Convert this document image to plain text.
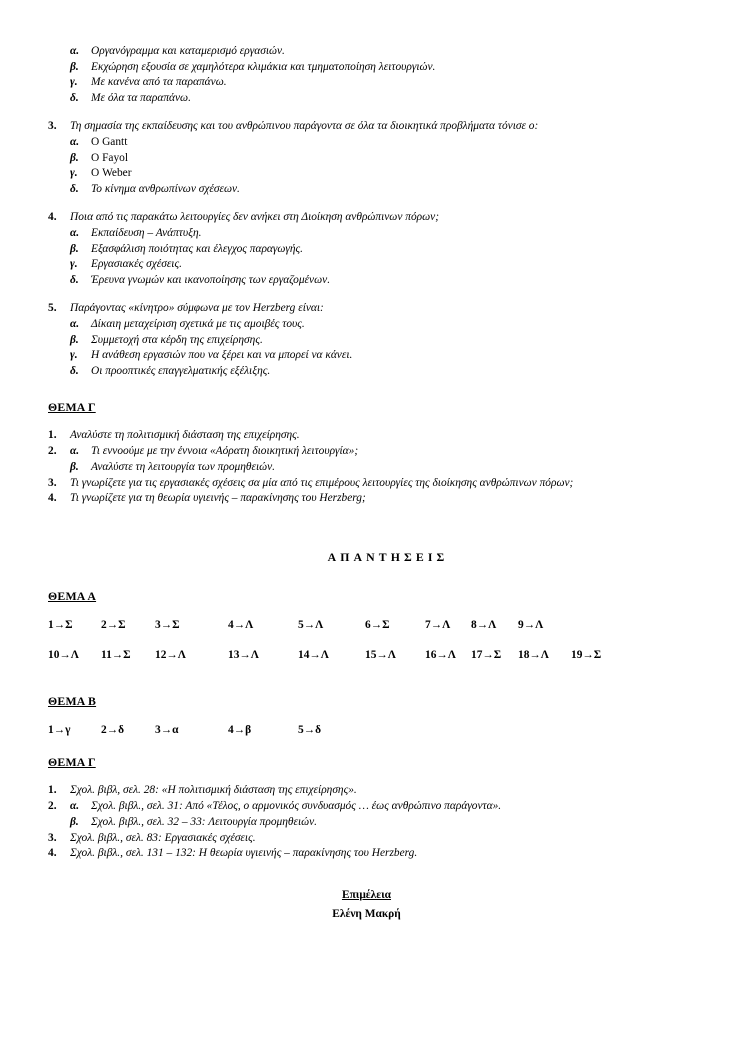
α.	Οργανόγραμμα και καταμερισμό εργασιών.
β.	Εκχώρηση εξουσία σε χαμηλότερα κλιμάκια και τμηματοποίηση λειτουργιών.
γ.	Με κανένα από τα παραπάνω.
δ.	Με όλα τα παραπάνω.
3.	Τη σημασία της εκπαίδευσης και του ανθρώπινου παράγοντα σε όλα τα διοικητικά προβλήματα τόνισε ο:
α.	Ο Gantt
β.	Ο Fayol
γ.	Ο Weber
δ.	Το κίνημα ανθρωπίνων σχέσεων.
4.	Ποια από τις παρακάτω λειτουργίες δεν ανήκει στη Διοίκηση ανθρώπινων πόρων;
α.	Εκπαίδευση – Ανάπτυξη.
β.	Εξασφάλιση ποιότητας και έλεγχος παραγωγής.
γ.	Εργασιακές σχέσεις.
δ.	Έρευνα γνωμών και ικανοποίησης των εργαζομένων.
5.	Παράγοντας «κίνητρο» σύμφωνα με τον Herzberg είναι:
α.	Δίκαιη μεταχείριση σχετικά με τις αμοιβές τους.
β.	Συμμετοχή στα κέρδη της επιχείρησης.
γ.	Η ανάθεση εργασιών που να ξέρει και να μπορεί να κάνει.
δ.	Οι προοπτικές επαγγελματικής εξέλιξης.
ΘΕΜΑ Γ
1.	Αναλύστε τη πολιτισμική διάσταση της επιχείρησης.
2.	α.	Τι εννοούμε με την έννοια «Αόρατη διοικητική λειτουργία»;
β.	Αναλύστε τη λειτουργία των προμηθειών.
3.	Τι γνωρίζετε για τις εργασιακές σχέσεις σα μία από τις επιμέρους λειτουργίες της διοίκησης ανθρώπινων πόρων;
4.	Τι γνωρίζετε για τη θεωρία υγιεινής – παρακίνησης του Herzberg;
ΑΠΑΝΤΗΣΕΙΣ
ΘΕΜΑ Α
1→Σ 2→Σ	3→Σ	4→Λ	5→Λ	6→Σ	7→Λ 8→Λ 9→Λ
10→Λ 11→Σ 12→Λ	13→Λ	14→Λ	15→Λ	16→Λ 17→Σ 18→Λ 19→Σ
ΘΕΜΑ Β
1→γ	2→δ	3→α	4→β	5→δ
ΘΕΜΑ Γ
1.	Σχολ. βιβλ, σελ. 28: «Η πολιτισμική διάσταση της επιχείρησης».
2.	α.	Σχολ. βιβλ., σελ. 31: Από «Τέλος, ο αρμονικός συνδυασμός … έως ανθρώπινο παράγοντα».
β.	Σχολ. βιβλ., σελ. 32 – 33: Λειτουργία προμηθειών.
3.	Σχολ. βιβλ., σελ. 83: Εργασιακές σχέσεις.
4.	Σχολ. βιβλ., σελ. 131 – 132: Η θεωρία υγιεινής – παρακίνησης του Herzberg.
Επιμέλεια
Ελένη Μακρή
